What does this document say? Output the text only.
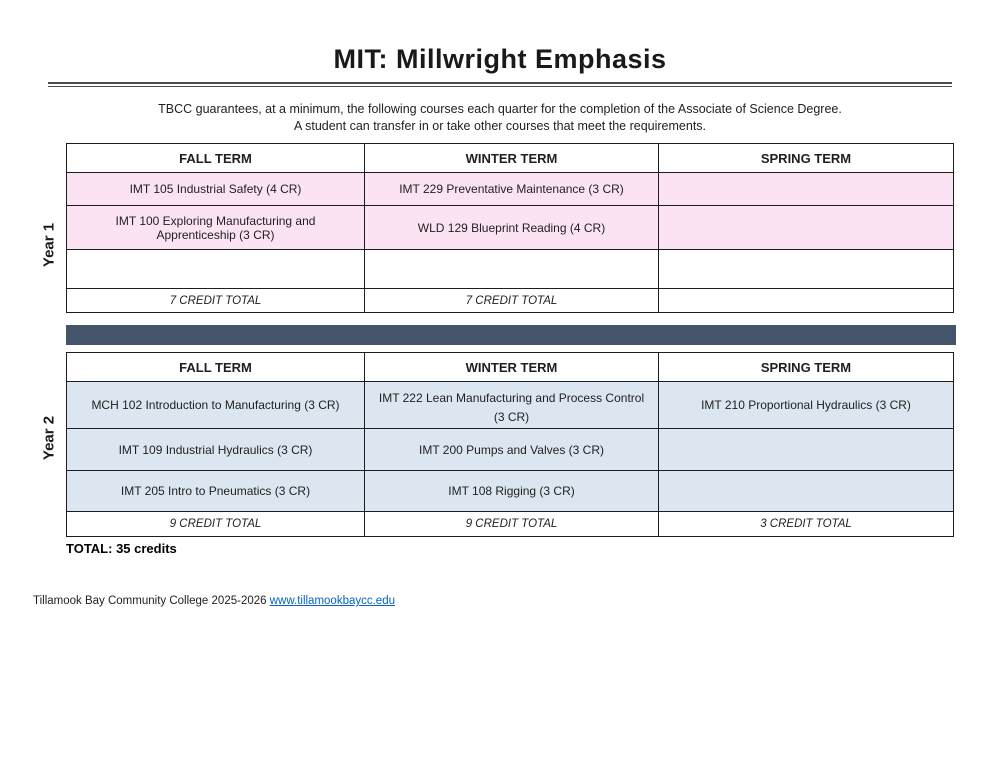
MIT: Millwright Emphasis
TBCC guarantees, at a minimum, the following courses each quarter for the completion of the Associate of Science Degree.
A student can transfer in or take other courses that meet the requirements.
Year 1
Year 2
FALL TERM	WINTER TERM	SPRING TERM
IMT 105 Industrial Safety (4 CR)	IMT 229 Preventative Maintenance (3 CR)	
IMT 100 Exploring Manufacturing and Apprenticeship (3 CR)	WLD 129 Blueprint Reading (4 CR)	

7 CREDIT TOTAL	7 CREDIT TOTAL	
FALL TERM	WINTER TERM	SPRING TERM
MCH 102 Introduction to Manufacturing (3 CR)	IMT 222 Lean Manufacturing and Process Control (3 CR)	IMT 210 Proportional Hydraulics (3 CR)
IMT 109 Industrial Hydraulics (3 CR)	IMT 200 Pumps and Valves (3 CR)	
IMT 205 Intro to Pneumatics (3 CR)	IMT 108 Rigging (3 CR)	
9 CREDIT TOTAL	9 CREDIT TOTAL	3 CREDIT TOTAL
TOTAL: 35 credits
Tillamook Bay Community College 2025-2026 www.tillamookbaycc.edu
